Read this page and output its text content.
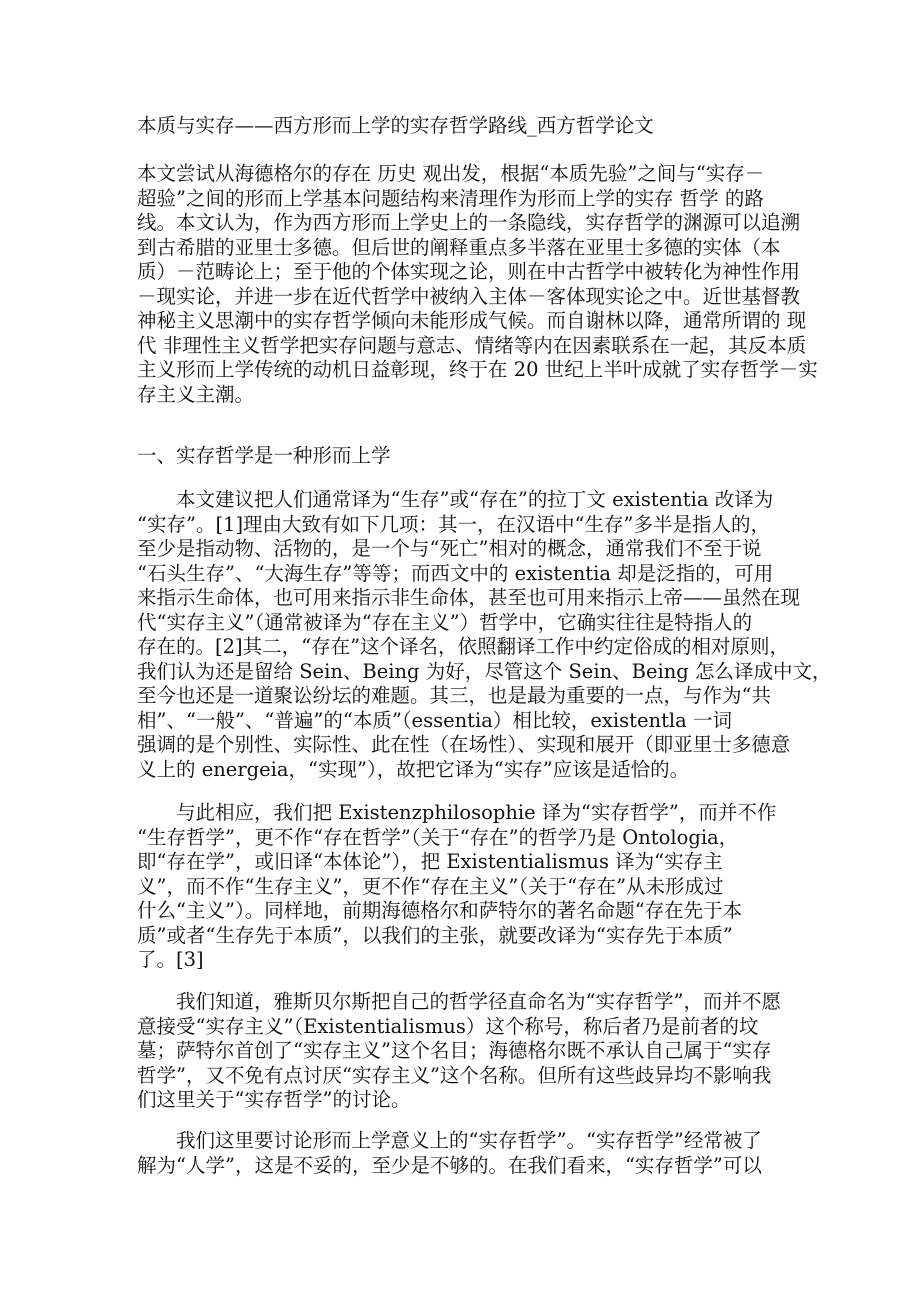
本质与实存——西方形而上学的实存哲学路线_西方哲学论文
本文尝试从海德格尔的存在 历史 观出发，根据“本质先验”之间与“实存－
超验”之间的形而上学基本问题结构来清理作为形而上学的实存 哲学 的路
线。本文认为，作为西方形而上学史上的一条隐线，实存哲学的渊源可以追溯
到古希腊的亚里士多德。但后世的阐释重点多半落在亚里士多德的实体（本
质）－范畴论上；至于他的个体实现之论，则在中古哲学中被转化为神性作用
－现实论，并进一步在近代哲学中被纳入主体－客体现实论之中。近世基督教
神秘主义思潮中的实存哲学倾向未能形成气候。而自谢林以降，通常所谓的 现
代 非理性主义哲学把实存问题与意志、情绪等内在因素联系在一起，其反本质
主义形而上学传统的动机日益彰现，终于在 20 世纪上半叶成就了实存哲学－实
存主义主潮。
一、实存哲学是一种形而上学
　　本文建议把人们通常译为“生存”或“存在”的拉丁文 existentia 改译为
“实存”。[1]理由大致有如下几项：其一，在汉语中“生存”多半是指人的，
至少是指动物、活物的，是一个与“死亡”相对的概念，通常我们不至于说
“石头生存”、“大海生存”等等；而西文中的 existentia 却是泛指的，可用
来指示生命体，也可用来指示非生命体，甚至也可用来指示上帝——虽然在现
代“实存主义”（通常被译为“存在主义”）哲学中，它确实往往是特指人的
存在的。[2]其二，“存在”这个译名，依照翻译工作中约定俗成的相对原则，
我们认为还是留给 Sein、Being 为好，尽管这个 Sein、Being 怎么译成中文，
至今也还是一道聚讼纷坛的难题。其三，也是最为重要的一点，与作为“共
相”、“一般”、“普遍”的“本质”（essentia）相比较，existentla 一词
强调的是个别性、实际性、此在性（在场性）、实现和展开（即亚里士多德意
义上的 energeia，“实现”），故把它译为“实存”应该是适恰的。
　　与此相应，我们把 Existenzphilosophie 译为“实存哲学”，而并不作
“生存哲学”，更不作“存在哲学”（关于“存在”的哲学乃是 Ontologia，
即“存在学”，或旧译“本体论”），把 Existentialismus 译为“实存主
义”，而不作“生存主义”，更不作“存在主义”（关于“存在”从未形成过
什么“主义”）。同样地，前期海德格尔和萨特尔的著名命题“存在先于本
质”或者“生存先于本质”，以我们的主张，就要改译为“实存先于本质”
了。[3]
　　我们知道，雅斯贝尔斯把自己的哲学径直命名为“实存哲学”，而并不愿
意接受“实存主义”（Existentialismus）这个称号，称后者乃是前者的坟
墓；萨特尔首创了“实存主义”这个名目；海德格尔既不承认自己属于“实存
哲学”，又不免有点讨厌“实存主义”这个名称。但所有这些歧异均不影响我
们这里关于“实存哲学”的讨论。
　　我们这里要讨论形而上学意义上的“实存哲学”。“实存哲学”经常被了
解为“人学”，这是不妥的，至少是不够的。在我们看来，“实存哲学”可以
